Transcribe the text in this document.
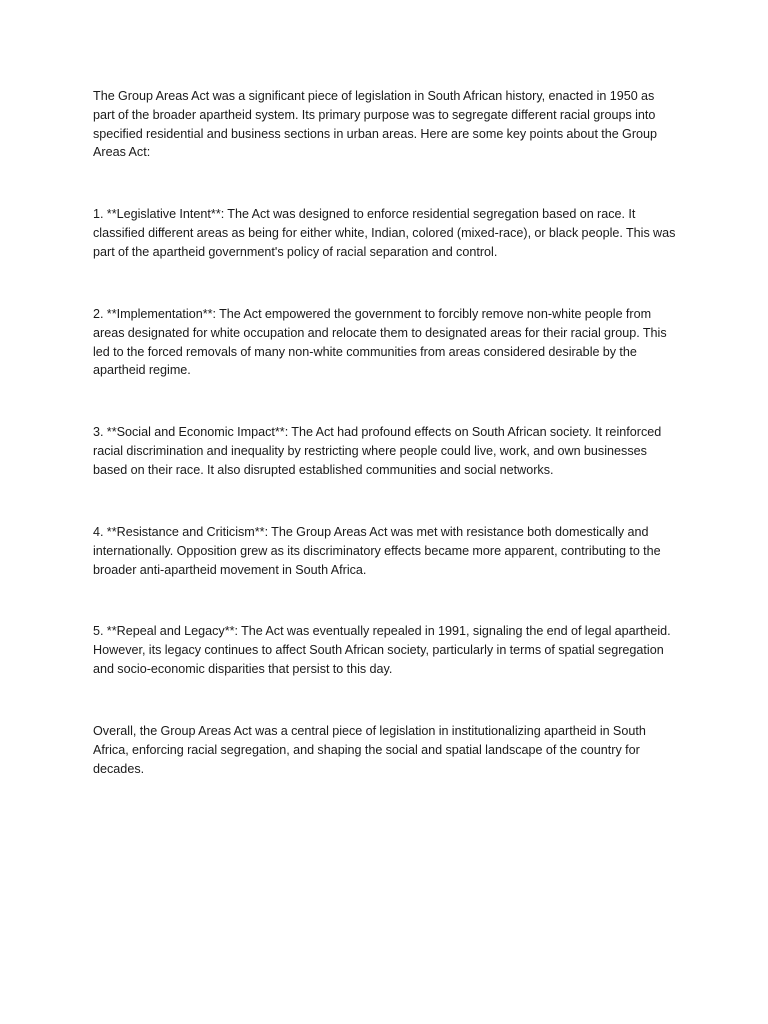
The Group Areas Act was a significant piece of legislation in South African history, enacted in 1950 as part of the broader apartheid system. Its primary purpose was to segregate different racial groups into specified residential and business sections in urban areas. Here are some key points about the Group Areas Act:

1. **Legislative Intent**: The Act was designed to enforce residential segregation based on race. It classified different areas as being for either white, Indian, colored (mixed-race), or black people. This was part of the apartheid government's policy of racial separation and control.

2. **Implementation**: The Act empowered the government to forcibly remove non-white people from areas designated for white occupation and relocate them to designated areas for their racial group. This led to the forced removals of many non-white communities from areas considered desirable by the apartheid regime.

3. **Social and Economic Impact**: The Act had profound effects on South African society. It reinforced racial discrimination and inequality by restricting where people could live, work, and own businesses based on their race. It also disrupted established communities and social networks.

4. **Resistance and Criticism**: The Group Areas Act was met with resistance both domestically and internationally. Opposition grew as its discriminatory effects became more apparent, contributing to the broader anti-apartheid movement in South Africa.

5. **Repeal and Legacy**: The Act was eventually repealed in 1991, signaling the end of legal apartheid. However, its legacy continues to affect South African society, particularly in terms of spatial segregation and socio-economic disparities that persist to this day.

Overall, the Group Areas Act was a central piece of legislation in institutionalizing apartheid in South Africa, enforcing racial segregation, and shaping the social and spatial landscape of the country for decades.
